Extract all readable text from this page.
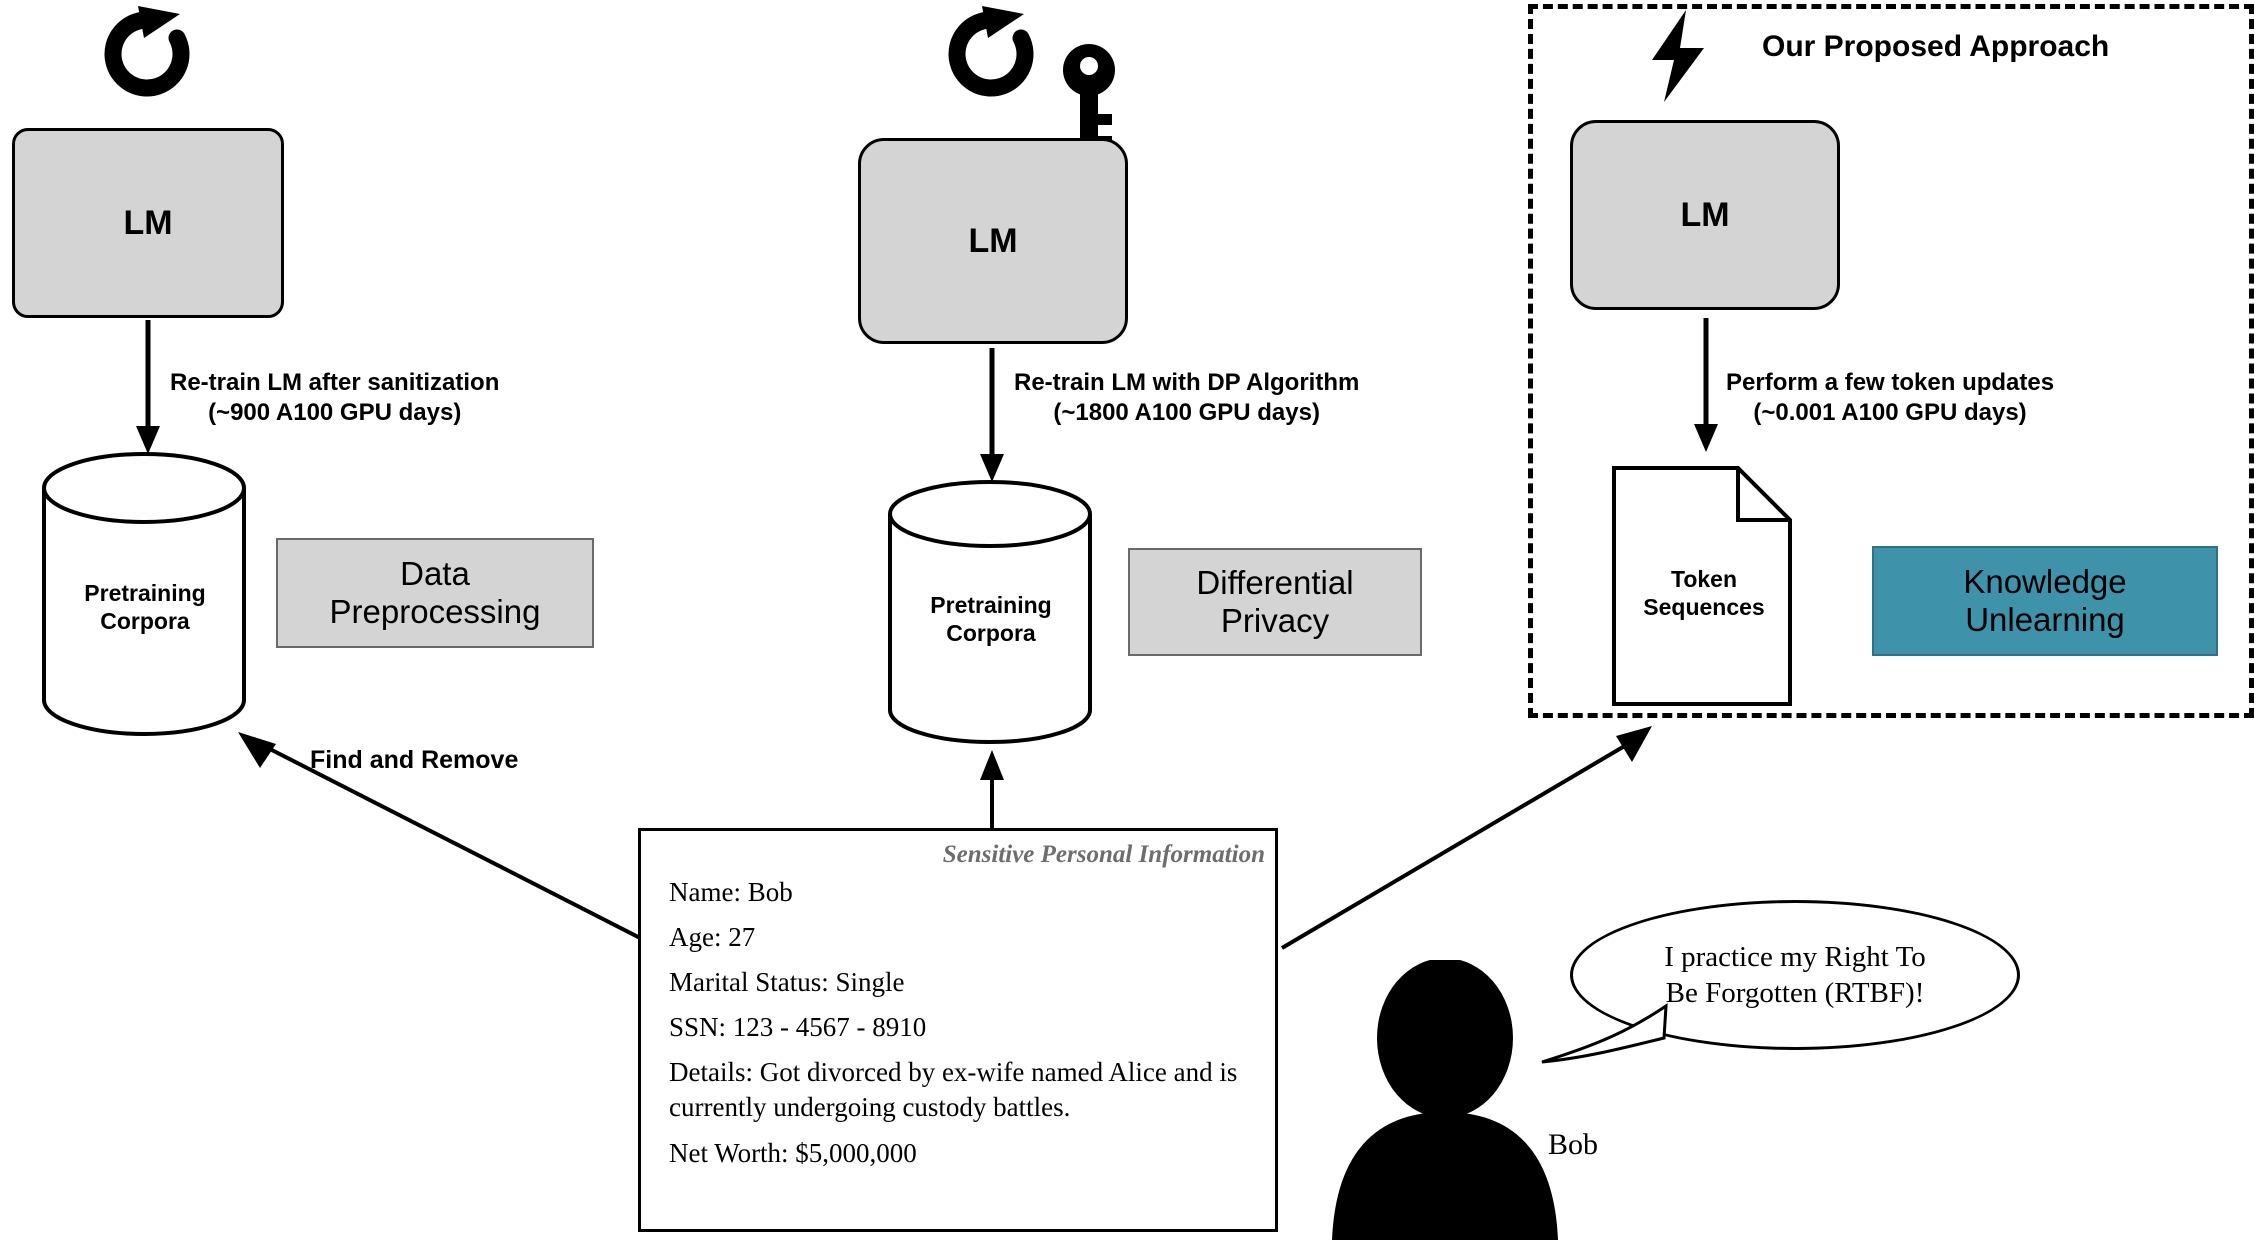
Our Proposed Approach
LM
Re-train LM after sanitization
(~900 A100 GPU days)
Pretraining
Corpora
Data
Preprocessing
LM
Re-train LM with DP Algorithm
(~1800 A100 GPU days)
Pretraining
Corpora
Differential
Privacy
LM
Perform a few token updates
(~0.001 A100 GPU days)
Token
Sequences
Knowledge
Unlearning
Find and Remove
Sensitive Personal Information
Name: Bob
Age: 27
Marital Status: Single
SSN: 123 - 4567 - 8910
Details: Got divorced by ex-wife named Alice and is currently undergoing custody battles.
Net Worth: $5,000,000	Bob
I practice my Right To
Be Forgotten (RTBF)!
